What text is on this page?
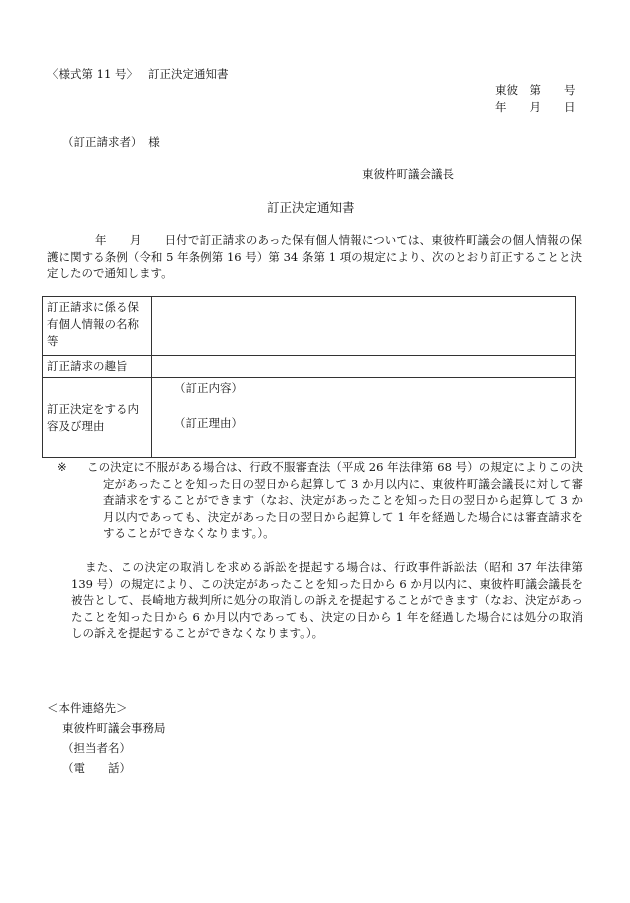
〈様式第 11 号〉 訂正決定通知書
東彼　第　　号
年　　月　　日
（訂正請求者）　様
東彼杵町議会議長
訂正決定通知書
年　　月　　日付で訂正請求のあった保有個人情報については、東彼杵町議会の個人情報の保護に関する条例（令和 5 年条例第 16 号）第 34 条第 1 項の規定により、次のとおり訂正することと決定したので通知します。
訂正請求に係る保有個人情報の名称等	
訂正請求の趣旨	
訂正決定をする内容及び理由	（訂正内容）
（訂正理由）
※	この決定に不服がある場合は、行政不服審査法（平成 26 年法律第 68 号）の規定によりこの決定があったことを知った日の翌日から起算して 3 か月以内に、東彼杵町議会議長に対して審査請求をすることができます（なお、決定があったことを知った日の翌日から起算して 3 か月以内であっても、決定があった日の翌日から起算して 1 年を経過した場合には審査請求をすることができなくなります。）。
また、この決定の取消しを求める訴訟を提起する場合は、行政事件訴訟法（昭和 37 年法律第 139 号）の規定により、この決定があったことを知った日から 6 か月以内に、東彼杵町議会議長を被告として、長崎地方裁判所に処分の取消しの訴えを提起することができます（なお、決定があったことを知った日から 6 か月以内であっても、決定の日から 1 年を経過した場合には処分の取消しの訴えを提起することができなくなります。）。
＜本件連絡先＞
東彼杵町議会事務局
（担当者名）
（電　　話）
